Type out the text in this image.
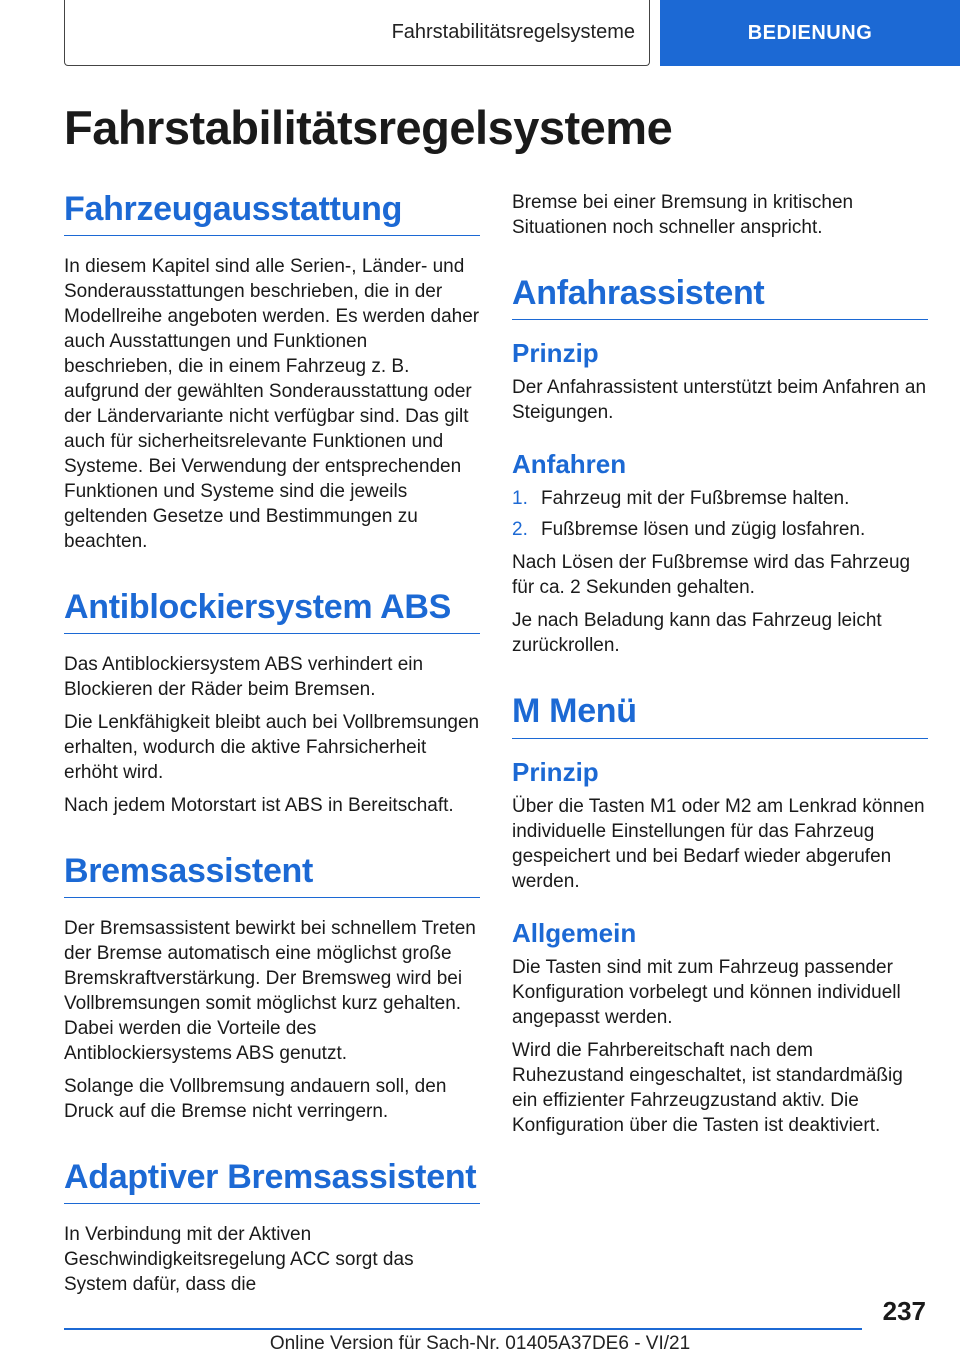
Fahrstabilitätsregelsysteme	BEDIENUNG
Fahrstabilitätsregelsysteme
Fahrzeugausstattung

In diesem Kapitel sind alle Serien-, Länder- und Sonderausstattungen beschrieben, die in der Modellreihe angeboten werden. Es werden daher auch Ausstattungen und Funktionen beschrieben, die in einem Fahrzeug z. B. aufgrund der gewählten Sonderausstattung oder der Ländervariante nicht verfügbar sind. Das gilt auch für sicherheitsrelevante Funktionen und Systeme. Bei Verwendung der entsprechenden Funktionen und Systeme sind die jeweils geltenden Gesetze und Bestimmungen zu beachten.

Antiblockiersystem ABS

Das Antiblockiersystem ABS verhindert ein Blockieren der Räder beim Bremsen.

Die Lenkfähigkeit bleibt auch bei Vollbremsungen erhalten, wodurch die aktive Fahrsicherheit erhöht wird.

Nach jedem Motorstart ist ABS in Bereitschaft.

Bremsassistent

Der Bremsassistent bewirkt bei schnellem Treten der Bremse automatisch eine möglichst große Bremskraftverstärkung. Der Bremsweg wird bei Vollbremsungen somit möglichst kurz gehalten. Dabei werden die Vorteile des Antiblockiersystems ABS genutzt.

Solange die Vollbremsung andauern soll, den Druck auf die Bremse nicht verringern.

Adaptiver Bremsassistent

In Verbindung mit der Aktiven Geschwindigkeitsregelung ACC sorgt das System dafür, dass die

Bremse bei einer Bremsung in kritischen Situationen noch schneller anspricht.

Anfahrassistent
Prinzip

Der Anfahrassistent unterstützt beim Anfahren an Steigungen.

Anfahren
1. Fahrzeug mit der Fußbremse halten.
2. Fußbremse lösen und zügig losfahren.

Nach Lösen der Fußbremse wird das Fahrzeug für ca. 2 Sekunden gehalten.

Je nach Beladung kann das Fahrzeug leicht zurückrollen.

M Menü
Prinzip

Über die Tasten M1 oder M2 am Lenkrad können individuelle Einstellungen für das Fahrzeug gespeichert und bei Bedarf wieder abgerufen werden.

Allgemein

Die Tasten sind mit zum Fahrzeug passender Konfiguration vorbelegt und können individuell angepasst werden.

Wird die Fahrbereitschaft nach dem Ruhezustand eingeschaltet, ist standardmäßig ein effizienter Fahrzeugzustand aktiv. Die Konfiguration über die Tasten ist deaktiviert.

237
Online Version für Sach-Nr. 01405A37DE6 - VI/21
